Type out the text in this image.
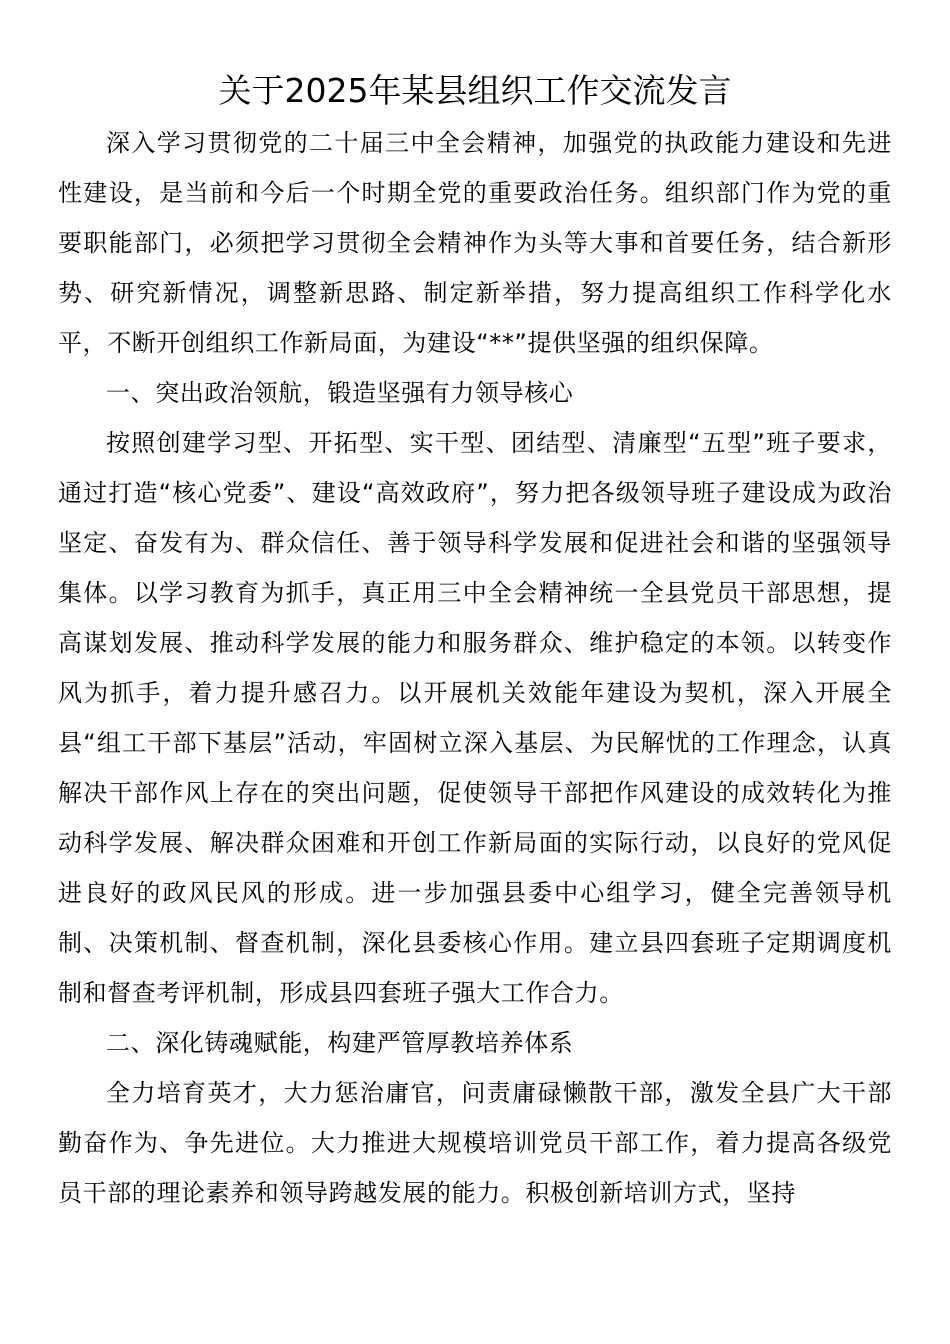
关于2025年某县组织工作交流发言

深入学习贯彻党的二十届三中全会精神，加强党的执政能力建设和先进性建设，是当前和今后一个时期全党的重要政治任务。组织部门作为党的重要职能部门，必须把学习贯彻全会精神作为头等大事和首要任务，结合新形势、研究新情况，调整新思路、制定新举措，努力提高组织工作科学化水平，不断开创组织工作新局面，为建设“**”提供坚强的组织保障。

一、突出政治领航，锻造坚强有力领导核心

按照创建学习型、开拓型、实干型、团结型、清廉型“五型”班子要求，通过打造“核心党委”、建设“高效政府”，努力把各级领导班子建设成为政治坚定、奋发有为、群众信任、善于领导科学发展和促进社会和谐的坚强领导集体。以学习教育为抓手，真正用三中全会精神统一全县党员干部思想，提高谋划发展、推动科学发展的能力和服务群众、维护稳定的本领。以转变作风为抓手，着力提升感召力。以开展机关效能年建设为契机，深入开展全县“组工干部下基层”活动，牢固树立深入基层、为民解忧的工作理念，认真解决干部作风上存在的突出问题，促使领导干部把作风建设的成效转化为推动科学发展、解决群众困难和开创工作新局面的实际行动，以良好的党风促进良好的政风民风的形成。进一步加强县委中心组学习，健全完善领导机制、决策机制、督查机制，深化县委核心作用。建立县四套班子定期调度机制和督查考评机制，形成县四套班子强大工作合力。

二、深化铸魂赋能，构建严管厚教培养体系

全力培育英才，大力惩治庸官，问责庸碌懒散干部，激发全县广大干部勤奋作为、争先进位。大力推进大规模培训党员干部工作，着力提高各级党员干部的理论素养和领导跨越发展的能力。积极创新培训方式，坚持
